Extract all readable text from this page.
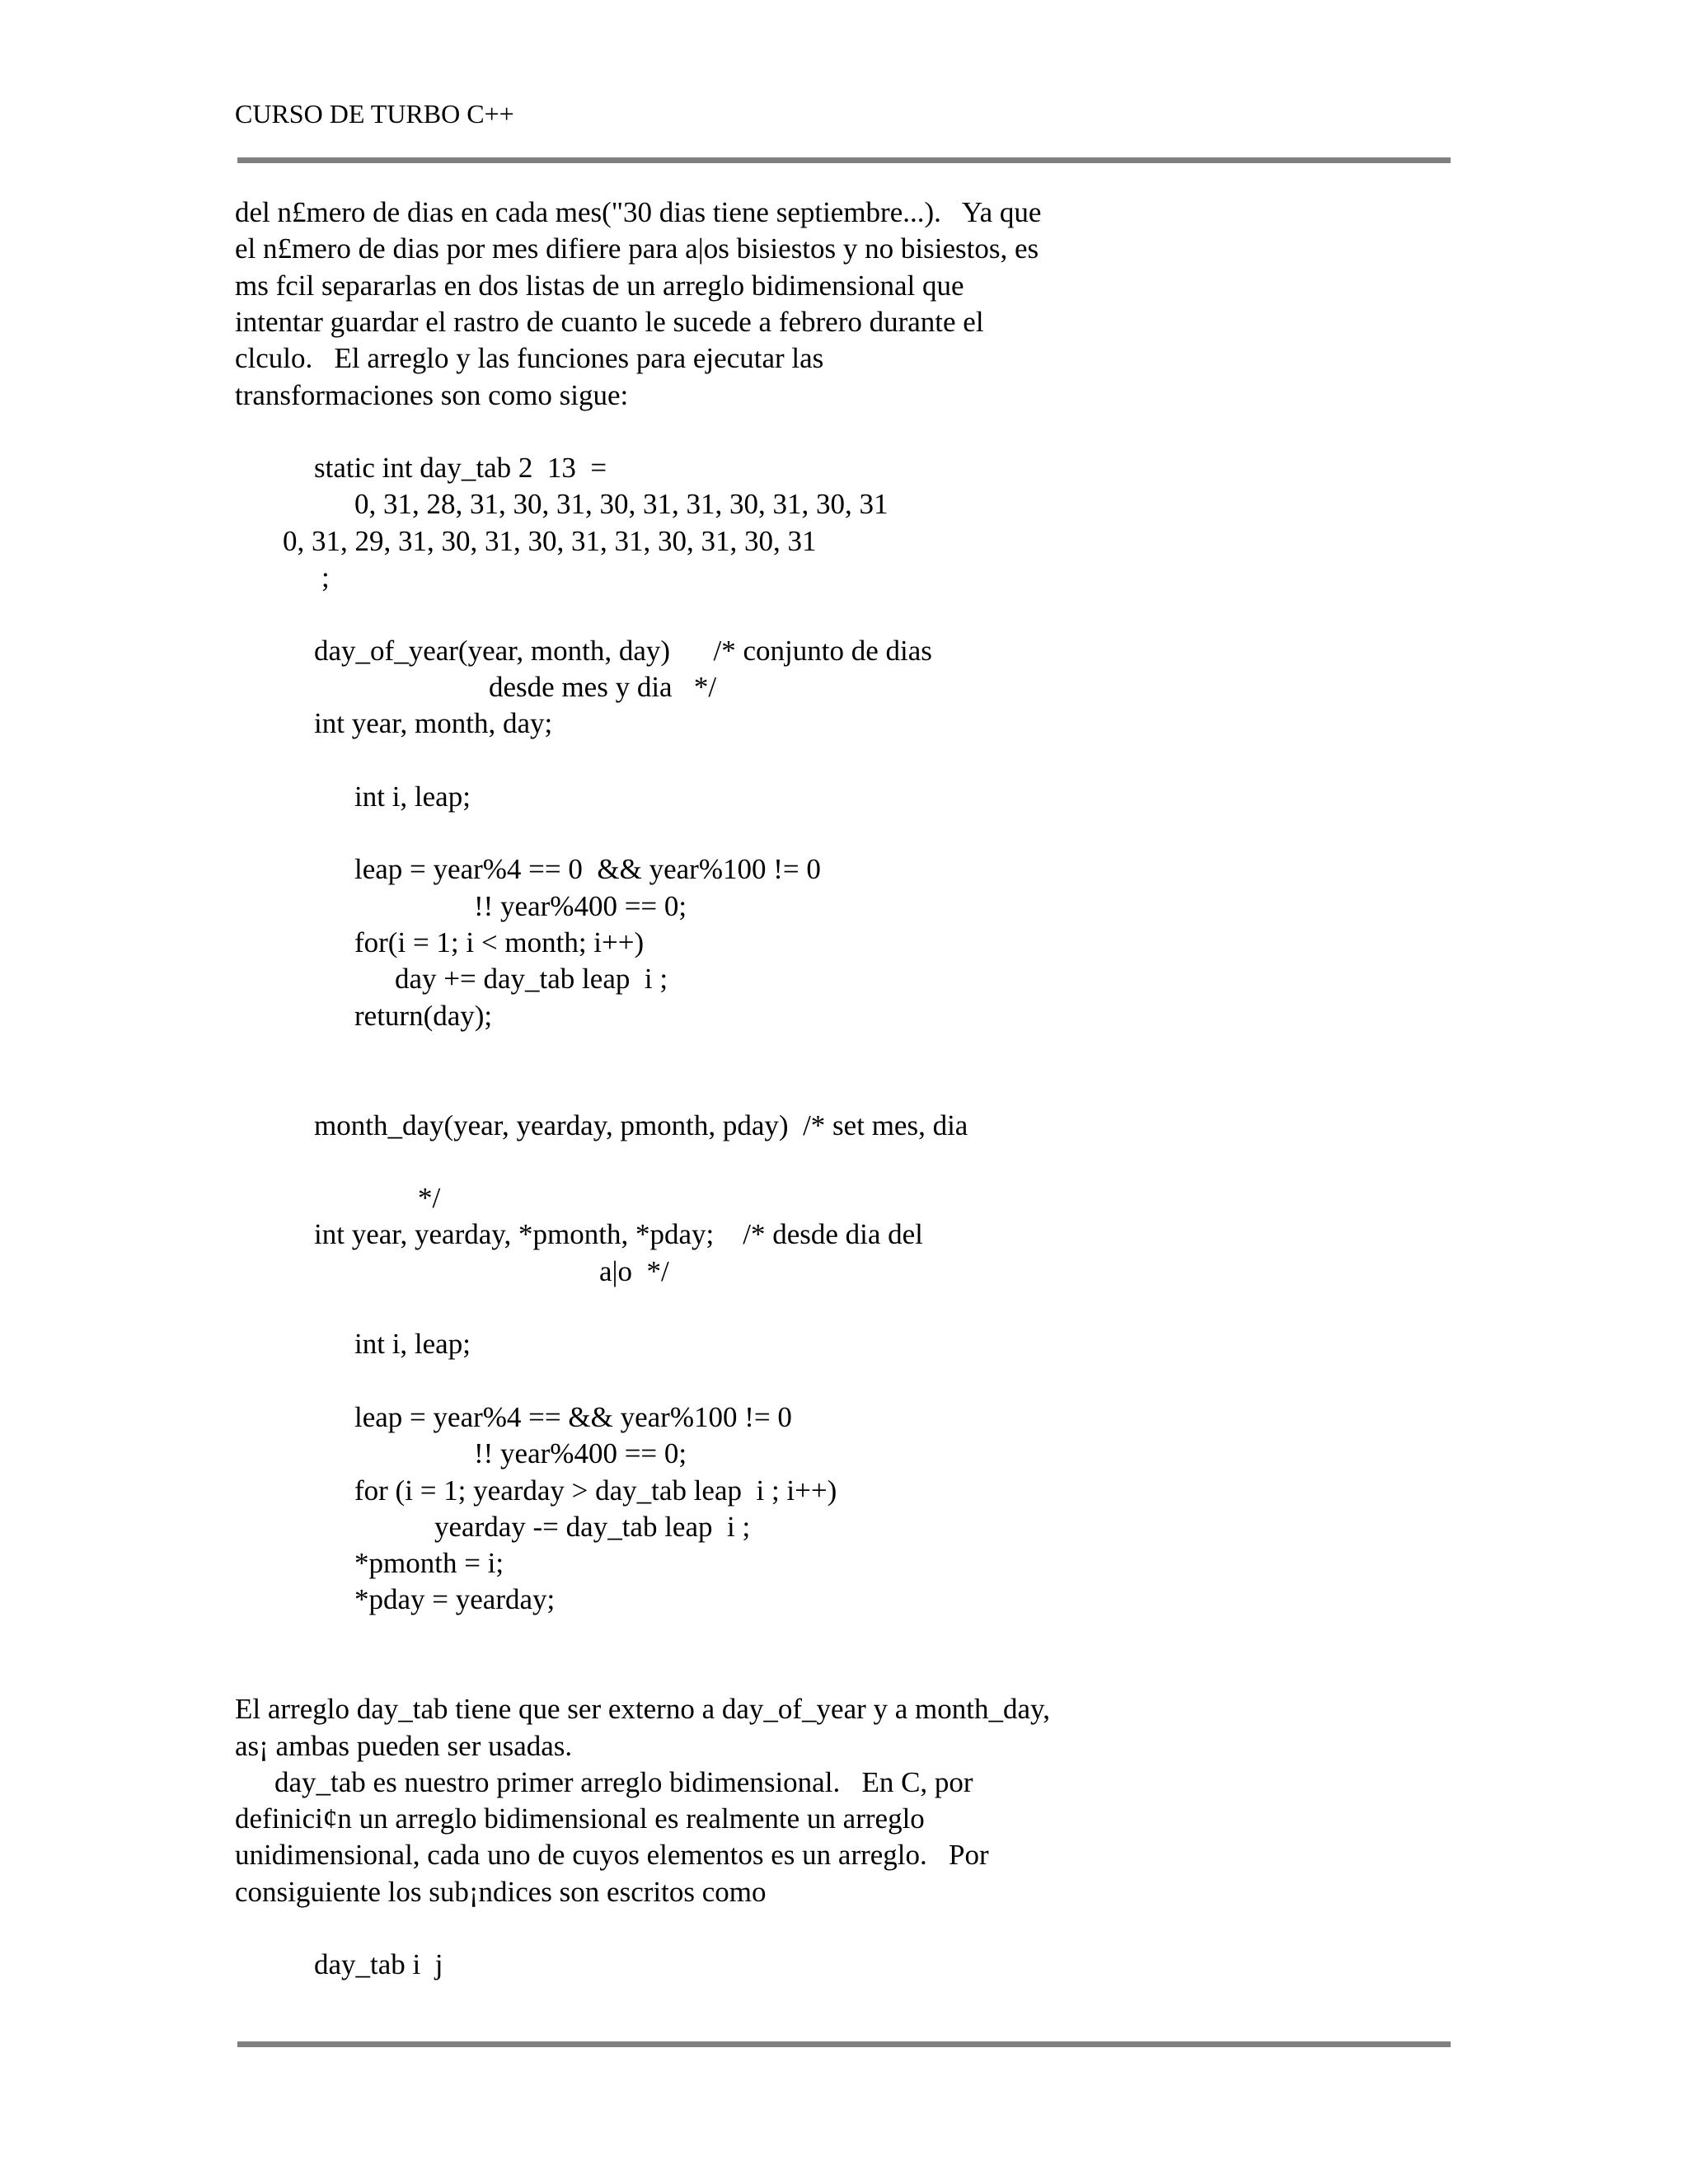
CURSO DE TURBO C++
del n£mero de dias en cada mes("30 dias tiene septiembre...).   Ya que
el n£mero de dias por mes difiere para a|os bisiestos y no bisiestos, es
ms fcil separarlas en dos listas de un arreglo bidimensional que
intentar guardar el rastro de cuanto le sucede a febrero durante el
clculo.   El arreglo y las funciones para ejecutar las
transformaciones son como sigue:
static int day_tab 2  13  =
0, 31, 28, 31, 30, 31, 30, 31, 31, 30, 31, 30, 31
0, 31, 29, 31, 30, 31, 30, 31, 31, 30, 31, 30, 31
;
day_of_year(year, month, day)      /* conjunto de dias
desde mes y dia   */
int year, month, day;
int i, leap;
leap = year%4 == 0  && year%100 != 0
!! year%400 == 0;
for(i = 1; i < month; i++)
day += day_tab leap  i ;
return(day);
month_day(year, yearday, pmonth, pday)  /* set mes, dia
*/
int year, yearday, *pmonth, *pday;    /* desde dia del
a|o  */
int i, leap;
leap = year%4 == && year%100 != 0
!! year%400 == 0;
for (i = 1; yearday > day_tab leap  i ; i++)
yearday -= day_tab leap  i ;
*pmonth = i;
*pday = yearday;
El arreglo day_tab tiene que ser externo a day_of_year y a month_day,
as¡ ambas pueden ser usadas.
day_tab es nuestro primer arreglo bidimensional.   En C, por
definici¢n un arreglo bidimensional es realmente un arreglo
unidimensional, cada uno de cuyos elementos es un arreglo.   Por
consiguiente los sub¡ndices son escritos como
day_tab i  j
